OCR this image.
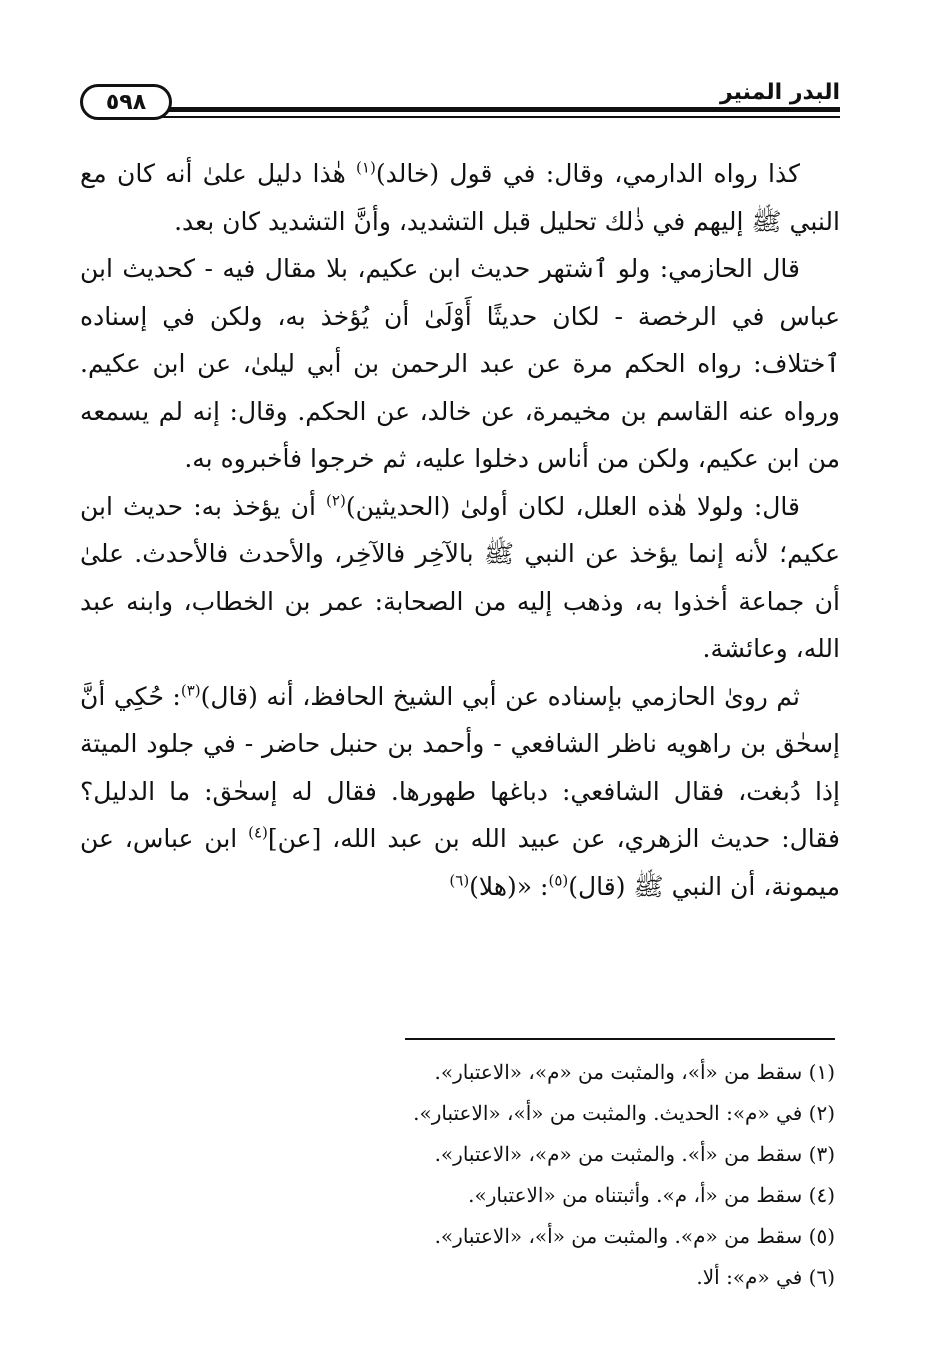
٥٩٨	البدر المنير

كذا رواه الدارمي، وقال: في قول (خالد)$^{(١)}$ هٰذا دليل علىٰ أنه كان مع النبي ﷺ إليهم في ذٰلك تحليل قبل التشديد، وأنَّ التشديد كان بعد.

قال الحازمي: ولو ٱشتهر حديث ابن عكيم، بلا مقال فيه - كحديث ابن عباس في الرخصة - لكان حديثًا أَوْلَىٰ أن يُؤخذ به، ولكن في إسناده ٱختلاف: رواه الحكم مرة عن عبد الرحمن بن أبي ليلىٰ، عن ابن عكيم. ورواه عنه القاسم بن مخيمرة، عن خالد، عن الحكم. وقال: إنه لم يسمعه من ابن عكيم، ولكن من أناس دخلوا عليه، ثم خرجوا فأخبروه به.

قال: ولولا هٰذه العلل، لكان أولىٰ (الحديثين)$^{(٢)}$ أن يؤخذ به: حديث ابن عكيم؛ لأنه إنما يؤخذ عن النبي ﷺ بالآخِر فالآخِر، والأحدث فالأحدث. علىٰ أن جماعة أخذوا به، وذهب إليه من الصحابة: عمر بن الخطاب، وابنه عبد الله، وعائشة.

ثم روىٰ الحازمي بإسناده عن أبي الشيخ الحافظ، أنه (قال)$^{(٣)}$: حُكِي أنَّ إسحٰق بن راهويه ناظر الشافعي - وأحمد بن حنبل حاضر - في جلود الميتة إذا دُبغت، فقال الشافعي: دباغها طهورها. فقال له إسحٰق: ما الدليل؟ فقال: حديث الزهري، عن عبيد الله بن عبد الله، [عن]$^{(٤)}$ ابن عباس، عن ميمونة، أن النبي ﷺ (قال)$^{(٥)}$: «(هلا)$^{(٦)}$

(١) سقط من «أ»، والمثبت من «م»، «الاعتبار».
(٢) في «م»: الحديث. والمثبت من «أ»، «الاعتبار».
(٣) سقط من «أ». والمثبت من «م»، «الاعتبار».
(٤) سقط من «أ، م». وأثبتناه من «الاعتبار».
(٥) سقط من «م». والمثبت من «أ»، «الاعتبار».
(٦) في «م»: ألا.
